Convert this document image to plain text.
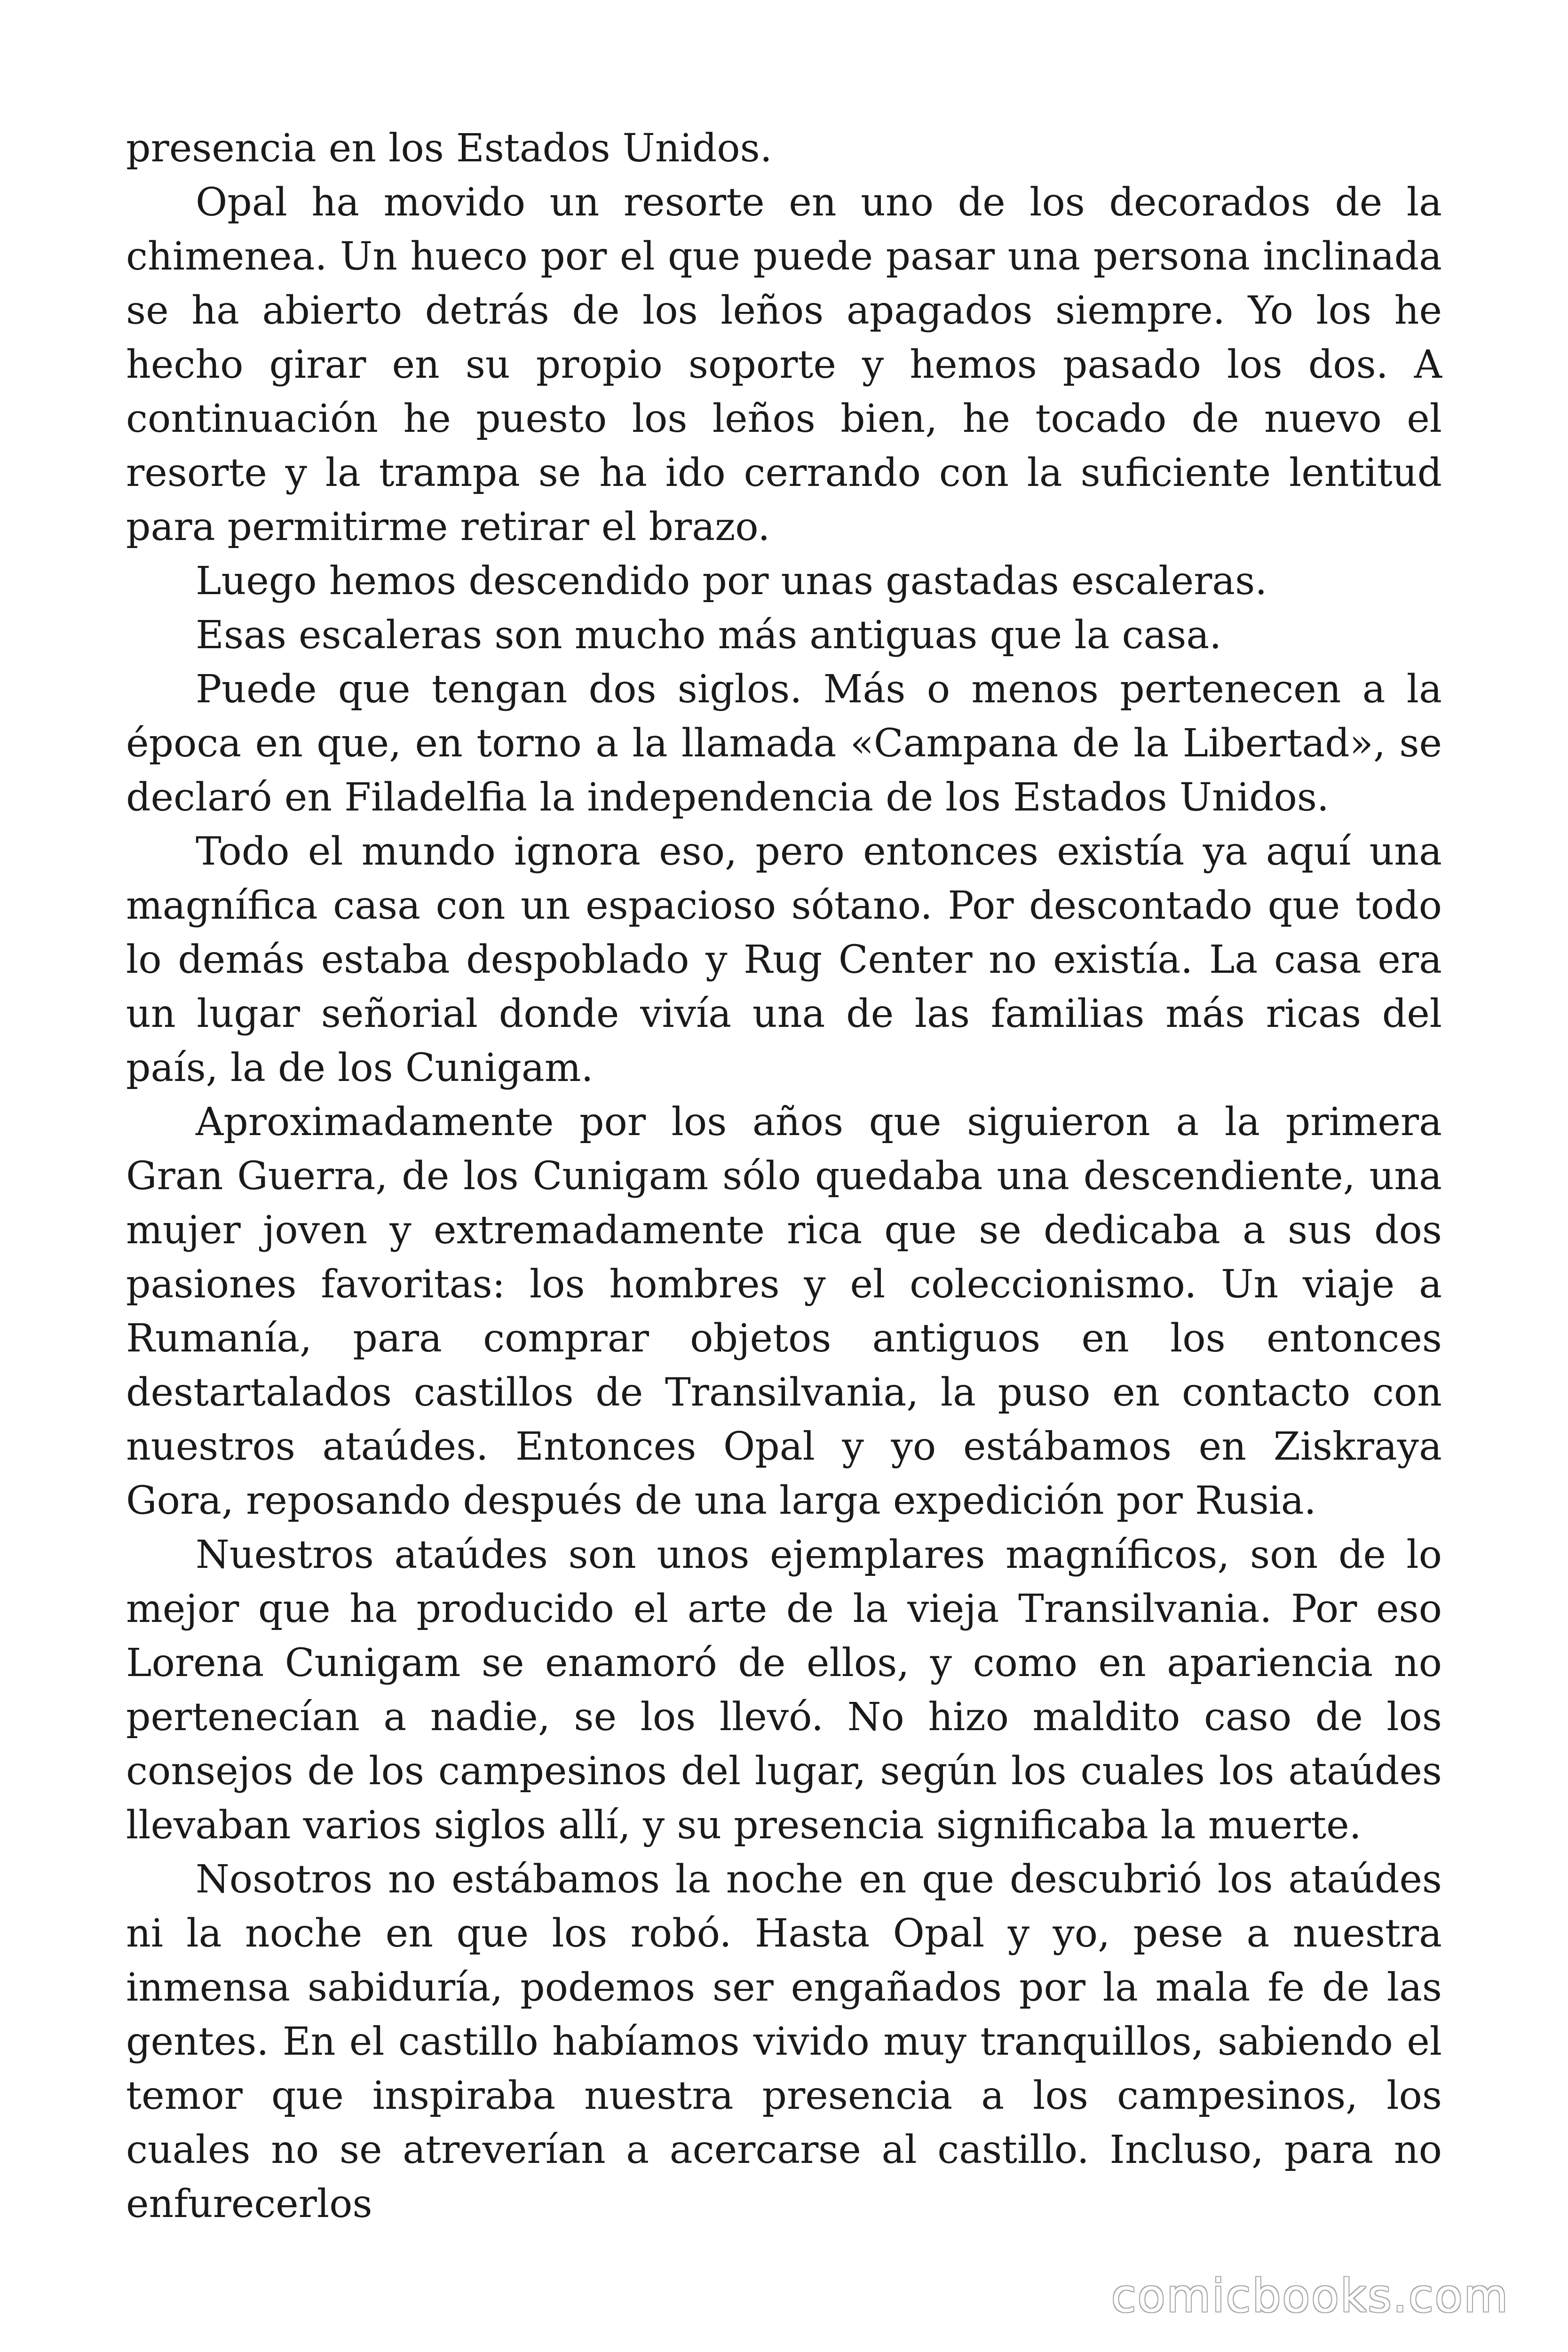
presencia en los Estados Unidos.

Opal ha movido un resorte en uno de los decorados de la chimenea. Un hueco por el que puede pasar una persona inclinada se ha abierto detrás de los leños apagados siempre. Yo los he hecho girar en su propio soporte y hemos pasado los dos. A continuación he puesto los leños bien, he tocado de nuevo el resorte y la trampa se ha ido cerrando con la suficiente lentitud para permitirme retirar el brazo.

Luego hemos descendido por unas gastadas escaleras.

Esas escaleras son mucho más antiguas que la casa.

Puede que tengan dos siglos. Más o menos pertenecen a la época en que, en torno a la llamada «Campana de la Libertad», se declaró en Filadelfia la independencia de los Estados Unidos.

Todo el mundo ignora eso, pero entonces existía ya aquí una magnífica casa con un espacioso sótano. Por descontado que todo lo demás estaba despoblado y Rug Center no existía. La casa era un lugar señorial donde vivía una de las familias más ricas del país, la de los Cunigam.

Aproximadamente por los años que siguieron a la primera Gran Guerra, de los Cunigam sólo quedaba una descendiente, una mujer joven y extremadamente rica que se dedicaba a sus dos pasiones favoritas: los hombres y el coleccionismo. Un viaje a Rumanía, para comprar objetos antiguos en los entonces destartalados castillos de Transilvania, la puso en contacto con nuestros ataúdes. Entonces Opal y yo estábamos en Ziskraya Gora, reposando después de una larga expedición por Rusia.

Nuestros ataúdes son unos ejemplares magníficos, son de lo mejor que ha producido el arte de la vieja Transilvania. Por eso Lorena Cunigam se enamoró de ellos, y como en apariencia no pertenecían a nadie, se los llevó. No hizo maldito caso de los consejos de los campesinos del lugar, según los cuales los ataúdes llevaban varios siglos allí, y su presencia significaba la muerte.

Nosotros no estábamos la noche en que descubrió los ataúdes ni la noche en que los robó. Hasta Opal y yo, pese a nuestra inmensa sabiduría, podemos ser engañados por la mala fe de las gentes. En el castillo habíamos vivido muy tranquillos, sabiendo el temor que inspiraba nuestra presencia a los campesinos, los cuales no se atreverían a acercarse al castillo. Incluso, para no enfurecerlos

comicbooks.com
